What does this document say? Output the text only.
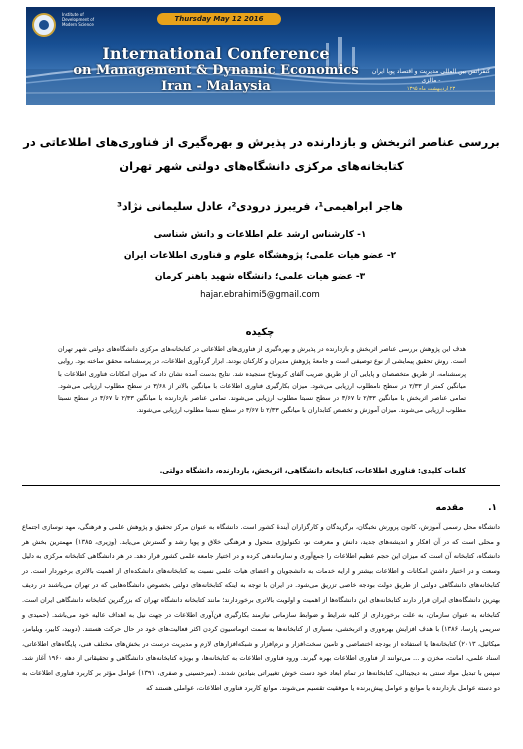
Institute of Development of Modern Science
Thursday May 12 2016
International Conference
on Management & Dynamic Economics
Iran - Malaysia
کنفرانس بین المللی مدیریت و اقتصاد پویا ایران - مالزی
۲۳ اردیبهشت ماه ۱۳۹۵
بررسی عناصر اثربخش و بازدارنده در پذیرش و بهره‌گیری از فناوری‌های اطلاعاتی در
کتابخانه‌های مرکزی دانشگاه‌های دولتی شهر تهران
هاجر ابراهیمی¹، فریبرز درودی²، عادل سلیمانی نژاد³
۱- کارشناس ارشد علم اطلاعات و دانش شناسی
۲- عضو هیات علمی؛ پژوهشگاه علوم و فناوری اطلاعات ایران
۳- عضو هیات علمی؛ دانشگاه شهید باهنر کرمان
hajar.ebrahimi5@gmail.com
چکیده
هدف این پژوهش بررسی عناصر اثربخش و بازدارنده در پذیرش و بهره‌گیری از فناوری‌های اطلاعاتی در کتابخانه‌های مرکزی دانشگاه‌های دولتی شهر تهران است. روش تحقیق پیمایشی از نوع توصیفی است و جامعهٔ پژوهش مدیران و کارکنان بودند. ابزار گردآوری اطلاعات، در پرسشنامه محقق ساخته بود. روایی پرسشنامه، از طریق متخصصان و پایایی آن از طریق ضریب آلفای کرونباخ سنجیده شد. نتایج بدست آمده نشان داد که میزان امکانات فناوری اطلاعات با میانگین کمتر از ۲/۳۳ در سطح نامطلوب ارزیابی می‌شود. میزان بکارگیری فناوری اطلاعات با میانگین بالاتر از ۳/۶۸ در سطح مطلوب ارزیابی می‌شود. تمامی عناصر اثربخش با میانگین ۲/۳۳ تا ۳/۶۷ در سطح نسبتا مطلوب ارزیابی می‌شوند. تمامی عناصر بازدارنده با میانگین ۲/۳۳ تا ۳/۶۷ در سطح نسبتا مطلوب ارزیابی می‌شوند. میزان آموزش و تخصص کتابداران با میانگین ۲/۳۳ تا ۳/۶۷ در سطح نسبتا مطلوب ارزیابی می‌شوند.
کلمات کلیدی: فناوری اطلاعات، کتابخانه دانشگاهی، اثربخش، بازدارنده، دانشگاه دولتی.
۱.  مقدمه
دانشگاه محل رسمی آموزش، کانون پرورش نخبگان، برگزیدگان و کارگزاران آیندهٔ کشور است. دانشگاه به عنوان مرکز تحقیق و پژوهش علمی و فرهنگی، مهد نوسازی اجتماع و محلی است که در آن افکار و اندیشه‌های جدید، دانش و معرفت نو، تکنولوژی متحول و فرهنگی خلاق و پویا رشد و گسترش می‌یابد. (وزیری، ۱۳۸۵) مهمترین بخش هر دانشگاه، کتابخانه آن است که میزان این حجم عظیم اطلاعات را جمع‌آوری و سازماندهی کرده و در اختیار جامعه علمی کشور قرار دهد. در هر دانشگاهی کتابخانه مرکزی به دلیل وسعت و در اختیار داشتن امکانات و اطلاعات بیشتر و ارایه خدمات به دانشجویان و اعضای هیات علمی نسبت به کتابخانه‌های دانشکده‌ای از اهمیت بالاتری برخوردار است. در کتابخانه‌های دانشگاهی دولتی از طریق دولت بودجه خاصی تزریق می‌شود. در ایران با توجه به اینکه کتابخانه‌های دولتی بخصوص دانشگاه‌هایی که در تهران می‌باشند در ردیف بهترین دانشگاه‌های ایران قرار دارند کتابخانه‌های این دانشگاه‌ها از اهمیت و اولویت بالاتری برخوردارند؛ مانند کتابخانه دانشگاه تهران که بزرگترین کتابخانه دانشگاهی ایران است. کتابخانه به عنوان سازمان، به علت برخورداری از کلیه شرایط و ضوابط سازمانی نیازمند بکارگیری فن‌آوری اطلاعات در جهت نیل به اهداف عالیه خود می‌باشد. (حمیدی و سریمی پارسا، ۱۳۸۶) با هدف افزایش بهره‌وری و اثربخشی، بسیاری از کتابخانه‌ها به سمت اتوماسیون کردن اکثر فعالیت‌های خود در حال حرکت هستند. (دوبید، کابیر، ویلیامز، میکائیل، ۲۰۱۳) کتابخانه‌ها یا استفاده از بودجه اختصاصی و تامین سخت‌افزار و نرم‌افزار و شبکه‌افزارهای لازم و مدیریت درست در بخش‌های مختلف فنی، پایگاه‌های اطلاعاتی، اسناد علمی، امانت، مخزن و ... می‌توانند از فناوری اطلاعات بهره گیرند. ورود فناوری اطلاعات به کتابخانه‌ها، و بویژه کتابخانه‌های دانشگاهی و تحقیقاتی از دهه ۱۹۶۰ آغاز شد. سپس با تبدیل مواد سنتی به دیجیتالی، کتابخانه‌ها در تمام ابعاد خود دست خوش تغییراتی بنیادین شدند. (میرحسینی و صفری، ۱۳۹۱) عوامل مؤثر بر کاربرد فناوری اطلاعات به دو دسته عوامل بازدارنده یا موانع و عوامل پیش‌برنده یا موفقیت تقسیم می‌شوند. موانع کاربرد فناوری اطلاعات، عواملی هستند که
